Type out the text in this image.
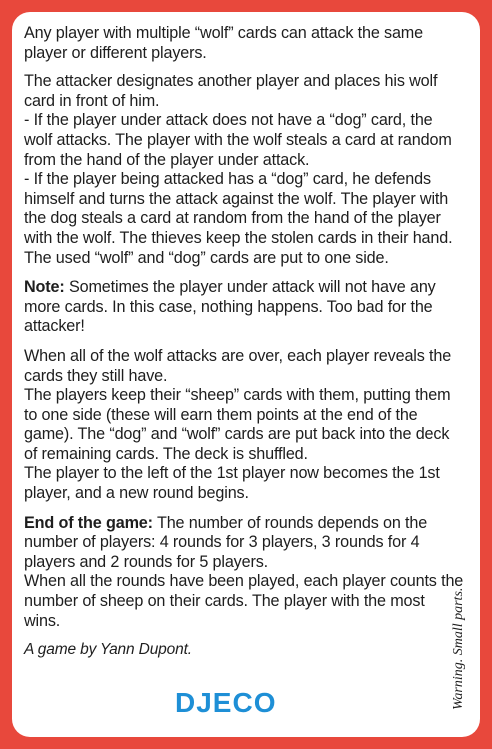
Any player with multiple “wolf” cards can attack the same player or different players.

The attacker designates another player and places his wolf card in front of him.
- If the player under attack does not have a “dog” card, the wolf attacks. The player with the wolf steals a card at random from the hand of the player under attack.
- If the player being attacked has a “dog” card, he defends himself and turns the attack against the wolf. The player with the dog steals a card at random from the hand of the player with the wolf. The thieves keep the stolen cards in their hand. The used “wolf” and “dog” cards are put to one side.

Note: Sometimes the player under attack will not have any more cards. In this case, nothing happens. Too bad for the attacker!

When all of the wolf attacks are over, each player reveals the cards they still have.
The players keep their “sheep” cards with them, putting them to one side (these will earn them points at the end of the game). The “dog” and “wolf” cards are put back into the deck of remaining cards. The deck is shuffled.
The player to the left of the 1st player now becomes the 1st player, and a new round begins.

End of the game: The number of rounds depends on the number of players: 4 rounds for 3 players, 3 rounds for 4 players and 2 rounds for 5 players.
When all the rounds have been played, each player counts the number of sheep on their cards. The player with the most wins.

A game by Yann Dupont.

DJECO	Warning. Small parts.
